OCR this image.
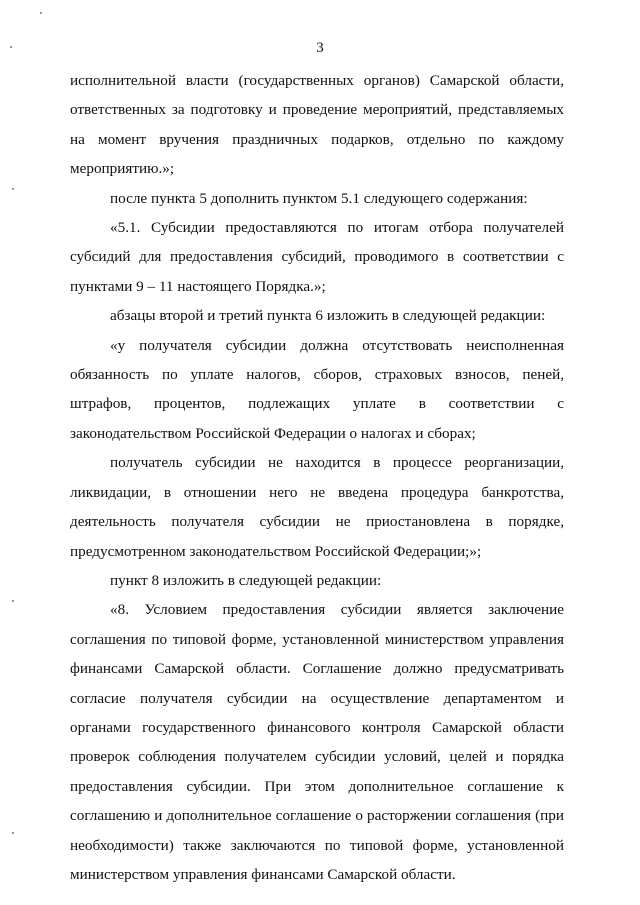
3

исполнительной власти (государственных органов) Самарской области, ответственных за подготовку и проведение мероприятий, представляемых на момент вручения праздничных подарков, отдельно по каждому мероприятию.»;

после пункта 5 дополнить пунктом 5.1 следующего содержания:

«5.1. Субсидии предоставляются по итогам отбора получателей субсидий для предоставления субсидий, проводимого в соответствии с пунктами 9 – 11 настоящего Порядка.»;

абзацы второй и третий пункта 6 изложить в следующей редакции:

«у получателя субсидии должна отсутствовать неисполненная обязанность по уплате налогов, сборов, страховых взносов, пеней, штрафов, процентов, подлежащих уплате в соответствии с законодательством Российской Федерации о налогах и сборах;

получатель субсидии не находится в процессе реорганизации, ликвидации, в отношении него не введена процедура банкротства, деятельность получателя субсидии не приостановлена в порядке, предусмотренном законодательством Российской Федерации;»;

пункт 8 изложить в следующей редакции:

«8. Условием предоставления субсидии является заключение соглашения по типовой форме, установленной министерством управления финансами Самарской области. Соглашение должно предусматривать согласие получателя субсидии на осуществление департаментом и органами государственного финансового контроля Самарской области проверок соблюдения получателем субсидии условий, целей и порядка предоставления субсидии. При этом дополнительное соглашение к соглашению и дополнительное соглашение о расторжении соглашения (при необходимости) также заключаются по типовой форме, установленной министерством управления финансами Самарской области.
